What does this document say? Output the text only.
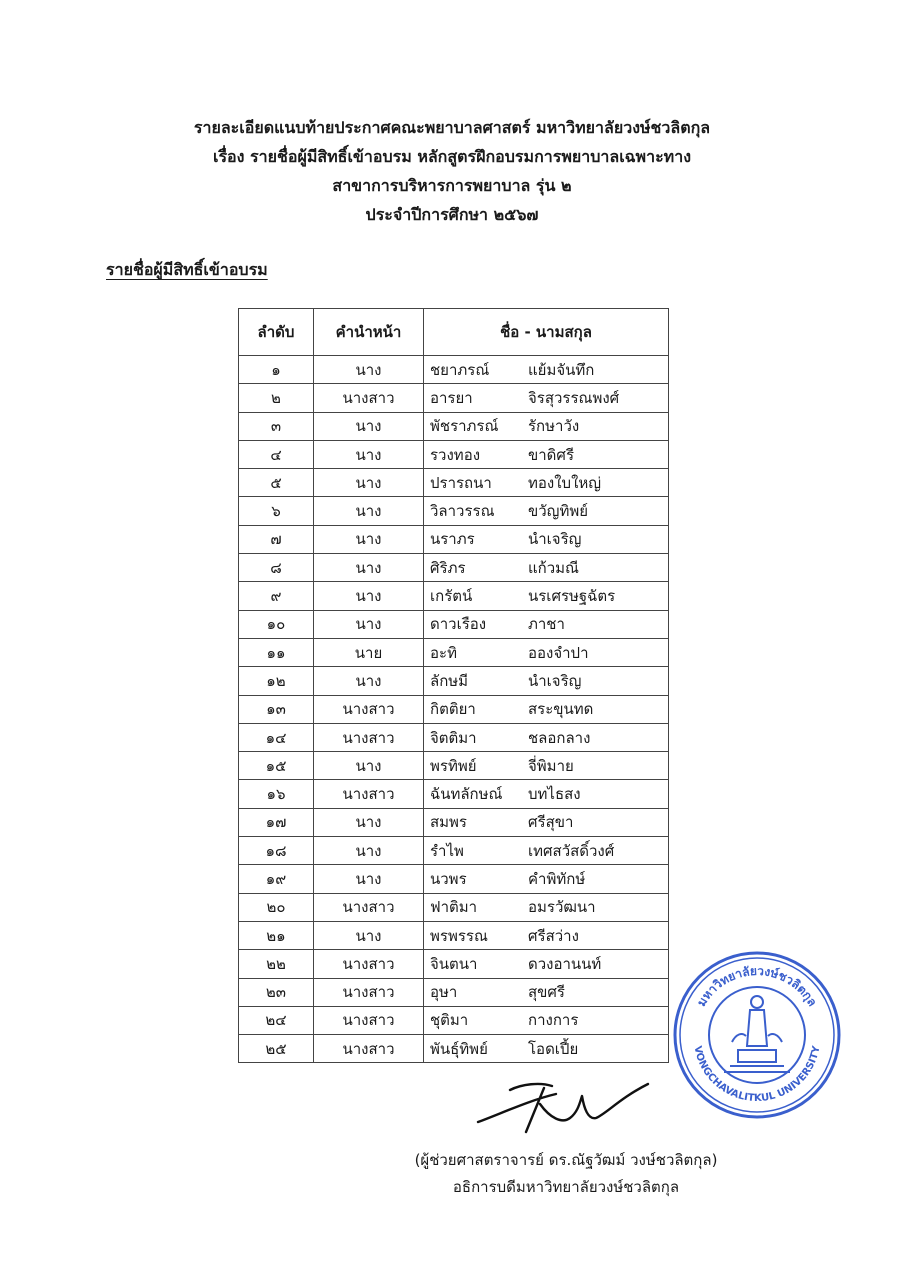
รายละเอียดแนบท้ายประกาศคณะพยาบาลศาสตร์ มหาวิทยาลัยวงษ์ชวลิตกุล
เรื่อง รายชื่อผู้มีสิทธิ์เข้าอบรม หลักสูตรฝึกอบรมการพยาบาลเฉพาะทาง
สาขาการบริหารการพยาบาล รุ่น ๒
ประจำปีการศึกษา ๒๕๖๗
รายชื่อผู้มีสิทธิ์เข้าอบรม
ลำดับ	คำนำหน้า	ชื่อ - นามสกุล
๑	นาง	ชยาภรณ์ แย้มจันทึก
๒	นางสาว	อารยา จิรสุวรรณพงศ์
๓	นาง	พัชราภรณ์ รักษาวัง
๔	นาง	รวงทอง ขาดิศรี
๕	นาง	ปรารถนา ทองใบใหญ่
๖	นาง	วิลาวรรณ ขวัญทิพย์
๗	นาง	นราภร นำเจริญ
๘	นาง	ศิริภร แก้วมณี
๙	นาง	เกรัตน์ นรเศรษฐฉัตร
๑๐	นาง	ดาวเรือง ภาชา
๑๑	นาย	อะทิ อองจำปา
๑๒	นาง	ลักษมี นำเจริญ
๑๓	นางสาว	กิตติยา สระขุนทด
๑๔	นางสาว	จิตติมา ชลอกลาง
๑๕	นาง	พรทิพย์ จี่พิมาย
๑๖	นางสาว	ฉันทลักษณ์ บทไธสง
๑๗	นาง	สมพร ศรีสุขา
๑๘	นาง	รำไพ เทศสวัสดิ์วงศ์
๑๙	นาง	นวพร คำพิทักษ์
๒๐	นางสาว	ฟาติมา อมรวัฒนา
๒๑	นาง	พรพรรณ ศรีสว่าง
๒๒	นางสาว	จินตนา ดวงอานนท์
๒๓	นางสาว	อุษา สุขศรี
๒๔	นางสาว	ชุติมา กางการ
๒๕	นางสาว	พันธุ์ทิพย์ โอดเปี้ย
(ผู้ช่วยศาสตราจารย์ ดร.ณัฐวัฒม์ วงษ์ชวลิตกุล)
อธิการบดีมหาวิทยาลัยวงษ์ชวลิตกุล
มหาวิทยาลัยวงษ์ชวลิตกุล
VONGCHAVALITKUL UNIVERSITY
